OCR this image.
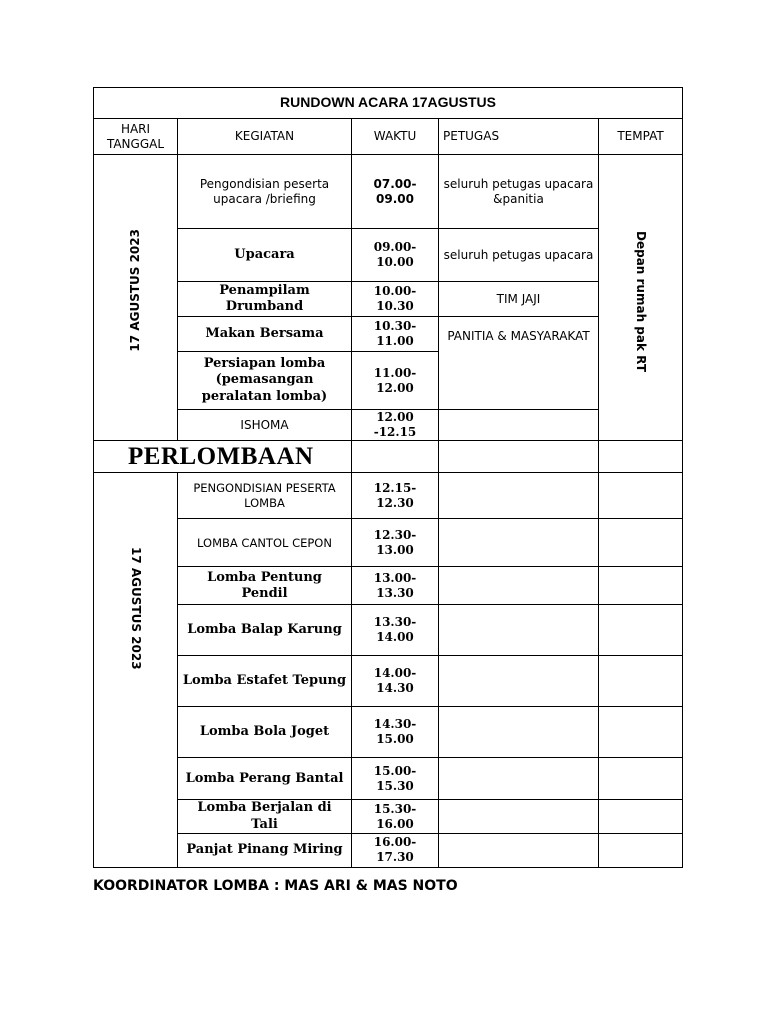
RUNDOWN ACARA 17AGUSTUS				
HARI TANGGAL	KEGIATAN	WAKTU	PETUGAS	TEMPAT
17 AGUSTUS 2023	Pengondisian peserta upacara /briefing	07.00-09.00	seluruh petugas upacara &panitia	Depan rumah pak RT
	Upacara	09.00-10.00	seluruh petugas upacara	
	Penampilam Drumband	10.00-10.30	TIM JAJI	
	Makan Bersama	10.30-11.00	PANITIA & MASYARAKAT	
	Persiapan lomba (pemasangan peralatan lomba)	11.00-12.00		
	ISHOMA	12.00 -12.15		
PERLOMBAAN				
17 AGUSTUS 2023	PENGONDISIAN PESERTA LOMBA	12.15-12.30		
	LOMBA CANTOL CEPON	12.30-13.00		
	Lomba Pentung Pendil	13.00-13.30		
	Lomba Balap Karung	13.30-14.00		
	Lomba Estafet Tepung	14.00-14.30		
	Lomba Bola Joget	14.30-15.00		
	Lomba Perang Bantal	15.00-15.30		
	Lomba Berjalan di Tali	15.30-16.00		
	Panjat Pinang Miring	16.00-17.30		
KOORDINATOR LOMBA : MAS ARI & MAS NOTO
